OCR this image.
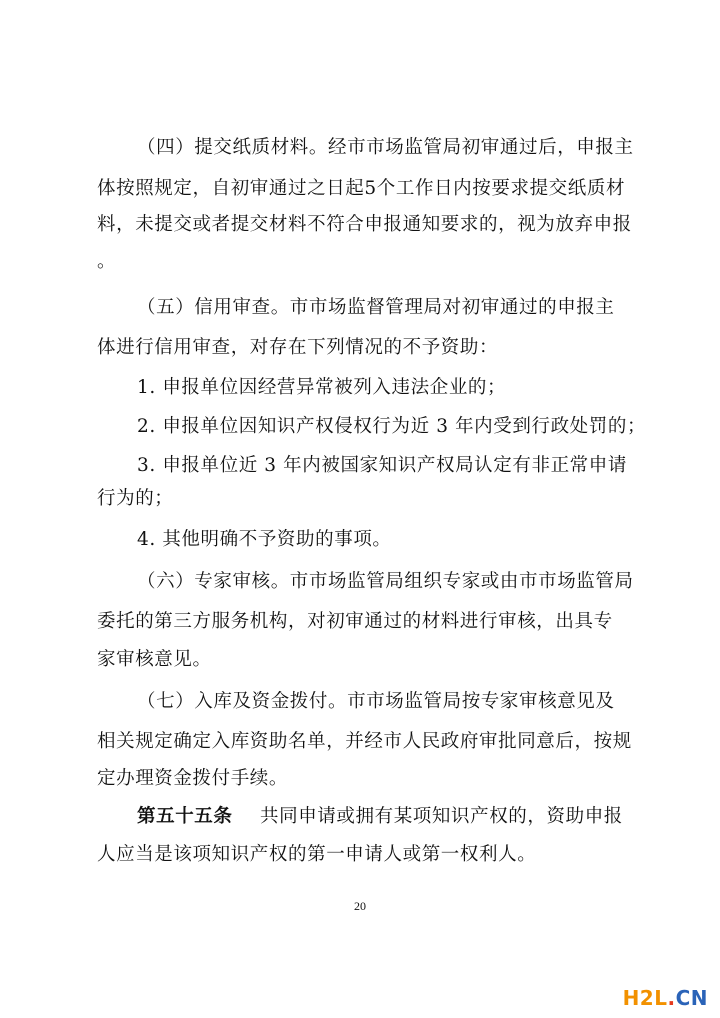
（四）提交纸质材料。经市市场监管局初审通过后，申报主
体按照规定，自初审通过之日起5个工作日内按要求提交纸质材
料，未提交或者提交材料不符合申报通知要求的，视为放弃申报
。
（五）信用审查。市市场监督管理局对初审通过的申报主
体进行信用审查，对存在下列情况的不予资助：
1. 申报单位因经营异常被列入违法企业的；
2. 申报单位因知识产权侵权行为近 3 年内受到行政处罚的；
3. 申报单位近 3 年内被国家知识产权局认定有非正常申请
行为的；
4. 其他明确不予资助的事项。
（六）专家审核。市市场监管局组织专家或由市市场监管局
委托的第三方服务机构，对初审通过的材料进行审核，出具专
家审核意见。
（七）入库及资金拨付。市市场监管局按专家审核意见及
相关规定确定入库资助名单，并经市人民政府审批同意后，按规
定办理资金拨付手续。
第五十五条 共同申请或拥有某项知识产权的，资助申报
人应当是该项知识产权的第一申请人或第一权利人。
20
H2L.CN
